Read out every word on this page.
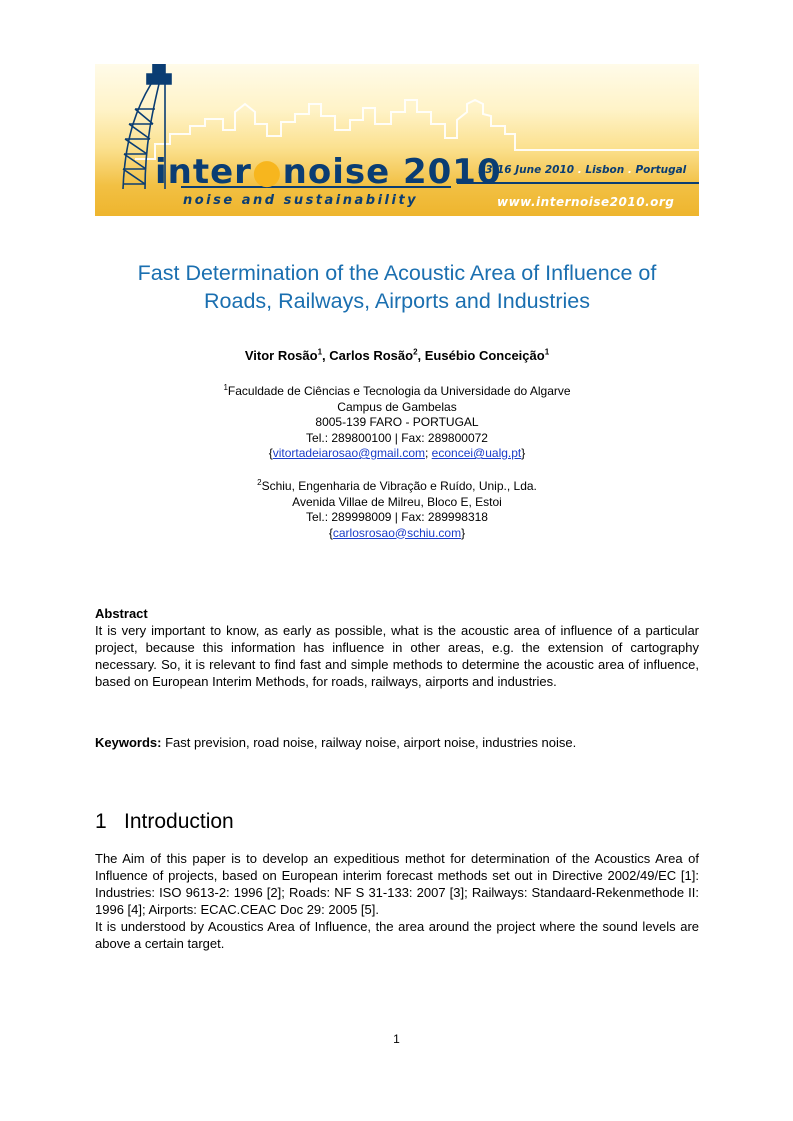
inter●noise 2010
noise and sustainability
13-16 June 2010 . Lisbon . Portugal
www.internoise2010.org
Fast Determination of the Acoustic Area of Influence of
Roads, Railways, Airports and Industries
Vitor Rosão$^1$, Carlos Rosão$^2$, Eusébio Conceição$^1$

$^1$Faculdade de Ciências e Tecnologia da Universidade do Algarve

Campus de Gambelas

8005-139 FARO - PORTUGAL

Tel.: 289800100 | Fax: 289800072

{vitortadeiarosao@gmail.com; econcei@ualg.pt}

$^2$Schiu, Engenharia de Vibração e Ruído, Unip., Lda.

Avenida Villae de Milreu, Bloco E, Estoi

Tel.: 289998009 | Fax: 289998318

{carlosrosao@schiu.com}

Abstract

It is very important to know, as early as possible, what is the acoustic area of influence of a particular project, because this information has influence in other areas, e.g. the extension of cartography necessary. So, it is relevant to find fast and simple methods to determine the acoustic area of influence, based on European Interim Methods, for roads, railways, airports and industries.

Keywords: Fast prevision, road noise, railway noise, airport noise, industries noise.
1 Introduction

The Aim of this paper is to develop an expeditious methot for determination of the Acoustics Area of Influence of projects, based on European interim forecast methods set out in Directive 2002/49/EC [1]: Industries: ISO 9613-2: 1996 [2]; Roads: NF S 31-133: 2007 [3]; Railways: Standaard-Rekenmethode II: 1996 [4]; Airports: ECAC.CEAC Doc 29: 2005 [5].

It is understood by Acoustics Area of Influence, the area around the project where the sound levels are above a certain target.

1
